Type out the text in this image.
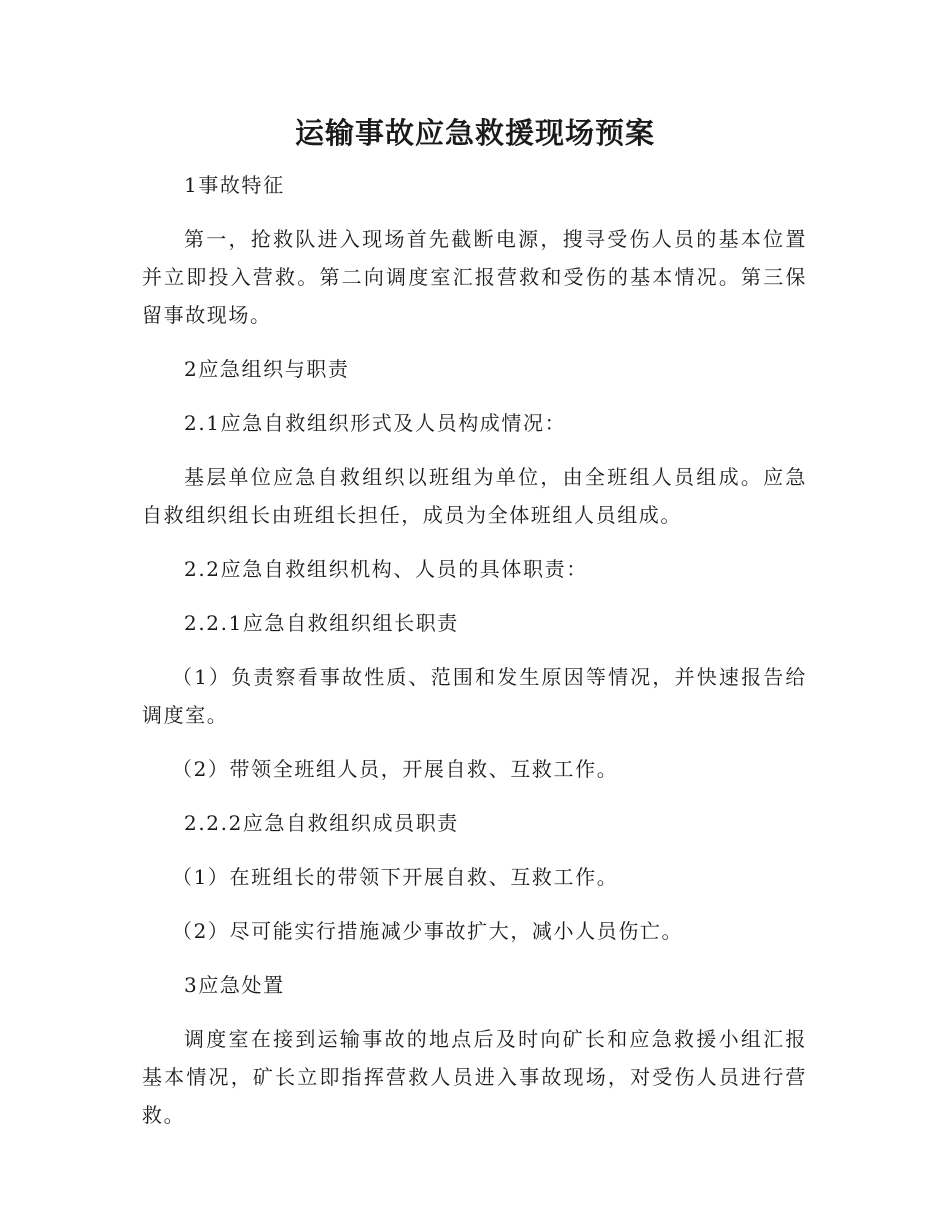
运输事故应急救援现场预案

1事故特征

第一，抢救队进入现场首先截断电源，搜寻受伤人员的基本位置并立即投入营救。第二向调度室汇报营救和受伤的基本情况。第三保留事故现场。

2应急组织与职责

2.1应急自救组织形式及人员构成情况：

基层单位应急自救组织以班组为单位，由全班组人员组成。应急自救组织组长由班组长担任，成员为全体班组人员组成。

2.2应急自救组织机构、人员的具体职责：

2.2.1应急自救组织组长职责

（1）负责察看事故性质、范围和发生原因等情况，并快速报告给调度室。

（2）带领全班组人员，开展自救、互救工作。

2.2.2应急自救组织成员职责

（1）在班组长的带领下开展自救、互救工作。

（2）尽可能实行措施减少事故扩大，减小人员伤亡。

3应急处置

调度室在接到运输事故的地点后及时向矿长和应急救援小组汇报基本情况，矿长立即指挥营救人员进入事故现场，对受伤人员进行营救。
